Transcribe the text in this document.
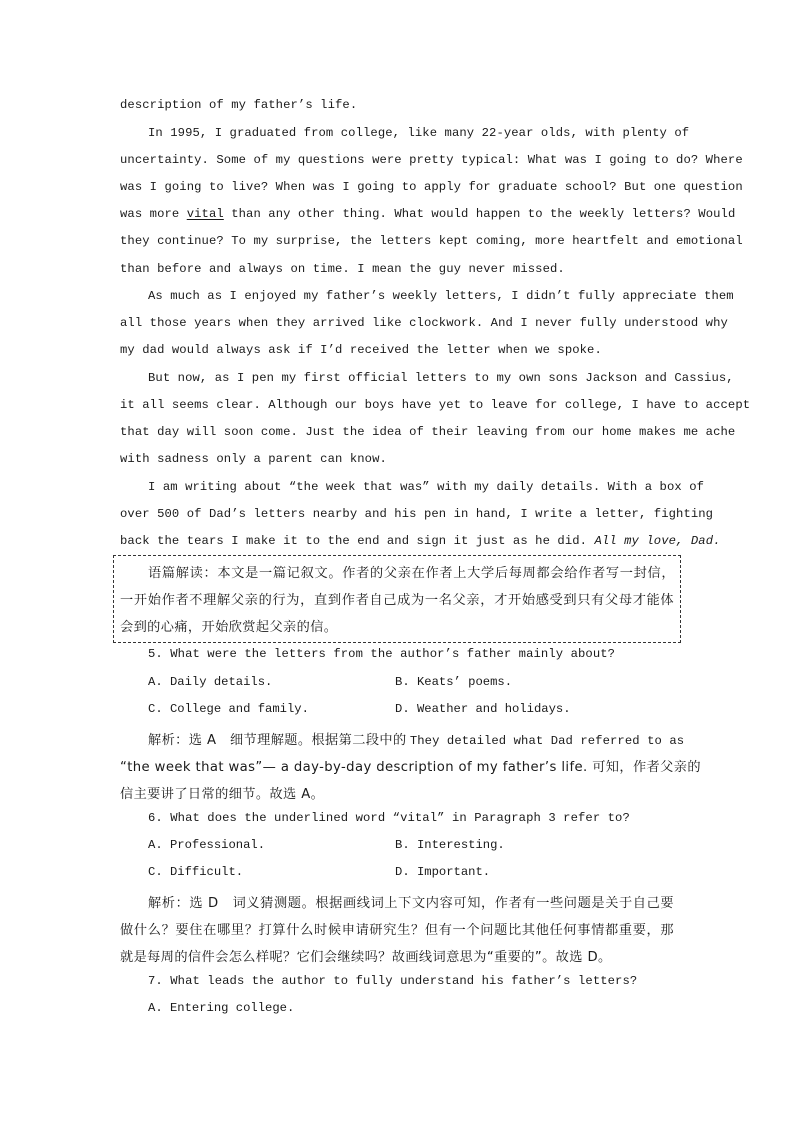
description of my father’s life.
In 1995, I graduated from college, like many 22-year olds, with plenty of
uncertainty. Some of my questions were pretty typical: What was I going to do? Where
was I going to live? When was I going to apply for graduate school? But one question
was more vital than any other thing. What would happen to the weekly letters? Would
they continue? To my surprise, the letters kept coming, more heartfelt and emotional
than before and always on time. I mean the guy never missed.
As much as I enjoyed my father’s weekly letters, I didn’t fully appreciate them
all those years when they arrived like clockwork. And I never fully understood why
my dad would always ask if I’d received the letter when we spoke.
But now, as I pen my first official letters to my own sons Jackson and Cassius,
it all seems clear. Although our boys have yet to leave for college, I have to accept
that day will soon come. Just the idea of their leaving from our home makes me ache
with sadness only a parent can know.
I am writing about “the week that was” with my daily details. With a box of
over 500 of Dad’s letters nearby and his pen in hand, I write a letter, fighting
back the tears I make it to the end and sign it just as he did. All my love, Dad.
语篇解读：本文是一篇记叙文。作者的父亲在作者上大学后每周都会给作者写一封信，
一开始作者不理解父亲的行为，直到作者自己成为一名父亲，才开始感受到只有父母才能体
会到的心痛，开始欣赏起父亲的信。
5. What were the letters from the author’s father mainly about?
A. Daily details.	B. Keats’ poems.
C. College and family.	D. Weather and holidays.
解析：选 A　细节理解题。根据第二段中的 They detailed what Dad referred to as
“the week that was”— a day-by-day description of my father’s life. 可知，作者父亲的
信主要讲了日常的细节。故选 A。
6. What does the underlined word “vital” in Paragraph 3 refer to?
A. Professional.	B. Interesting.
C. Difficult.	D. Important.
解析：选 D　词义猜测题。根据画线词上下文内容可知，作者有一些问题是关于自己要
做什么？要住在哪里？打算什么时候申请研究生？但有一个问题比其他任何事情都重要，那
就是每周的信件会怎么样呢？它们会继续吗？故画线词意思为“重要的”。故选 D。
7. What leads the author to fully understand his father’s letters?
A. Entering college.
